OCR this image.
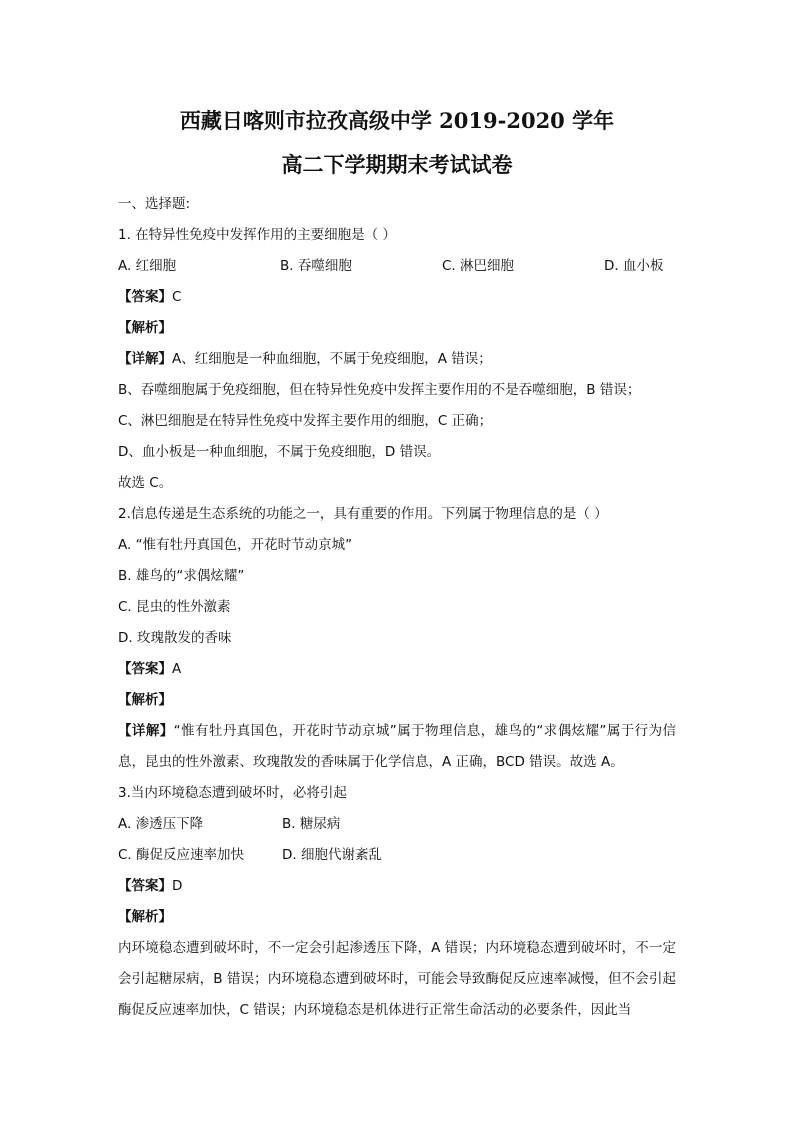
西藏日喀则市拉孜高级中学 2019-2020 学年
高二下学期期末考试试卷
一、选择题:
1. 在特异性免疫中发挥作用的主要细胞是（ ）
A. 红细胞	B. 吞噬细胞	C. 淋巴细胞	D. 血小板
【答案】C
【解析】
【详解】A、红细胞是一种血细胞，不属于免疫细胞，A 错误；
B、吞噬细胞属于免疫细胞，但在特异性免疫中发挥主要作用的不是吞噬细胞，B 错误；
C、淋巴细胞是在特异性免疫中发挥主要作用的细胞，C 正确；
D、血小板是一种血细胞，不属于免疫细胞，D 错误。
故选 C。
2.信息传递是生态系统的功能之一，具有重要的作用。下列属于物理信息的是（ ）
A. “惟有牡丹真国色，开花时节动京城”
B. 雄鸟的“求偶炫耀”
C. 昆虫的性外激素
D. 玫瑰散发的香味
【答案】A
【解析】
【详解】“惟有牡丹真国色，开花时节动京城”属于物理信息，雄鸟的“求偶炫耀”属于行为信息，昆虫的性外激素、玫瑰散发的香味属于化学信息，A 正确，BCD 错误。故选 A。
3.当内环境稳态遭到破坏时，必将引起
A. 渗透压下降	B. 糖尿病
C. 酶促反应速率加快	D. 细胞代谢紊乱
【答案】D
【解析】
内环境稳态遭到破坏时，不一定会引起渗透压下降，A 错误；内环境稳态遭到破坏时，不一定会引起糖尿病，B 错误；内环境稳态遭到破坏时，可能会导致酶促反应速率减慢，但不会引起酶促反应速率加快，C 错误；内环境稳态是机体进行正常生命活动的必要条件，因此当
